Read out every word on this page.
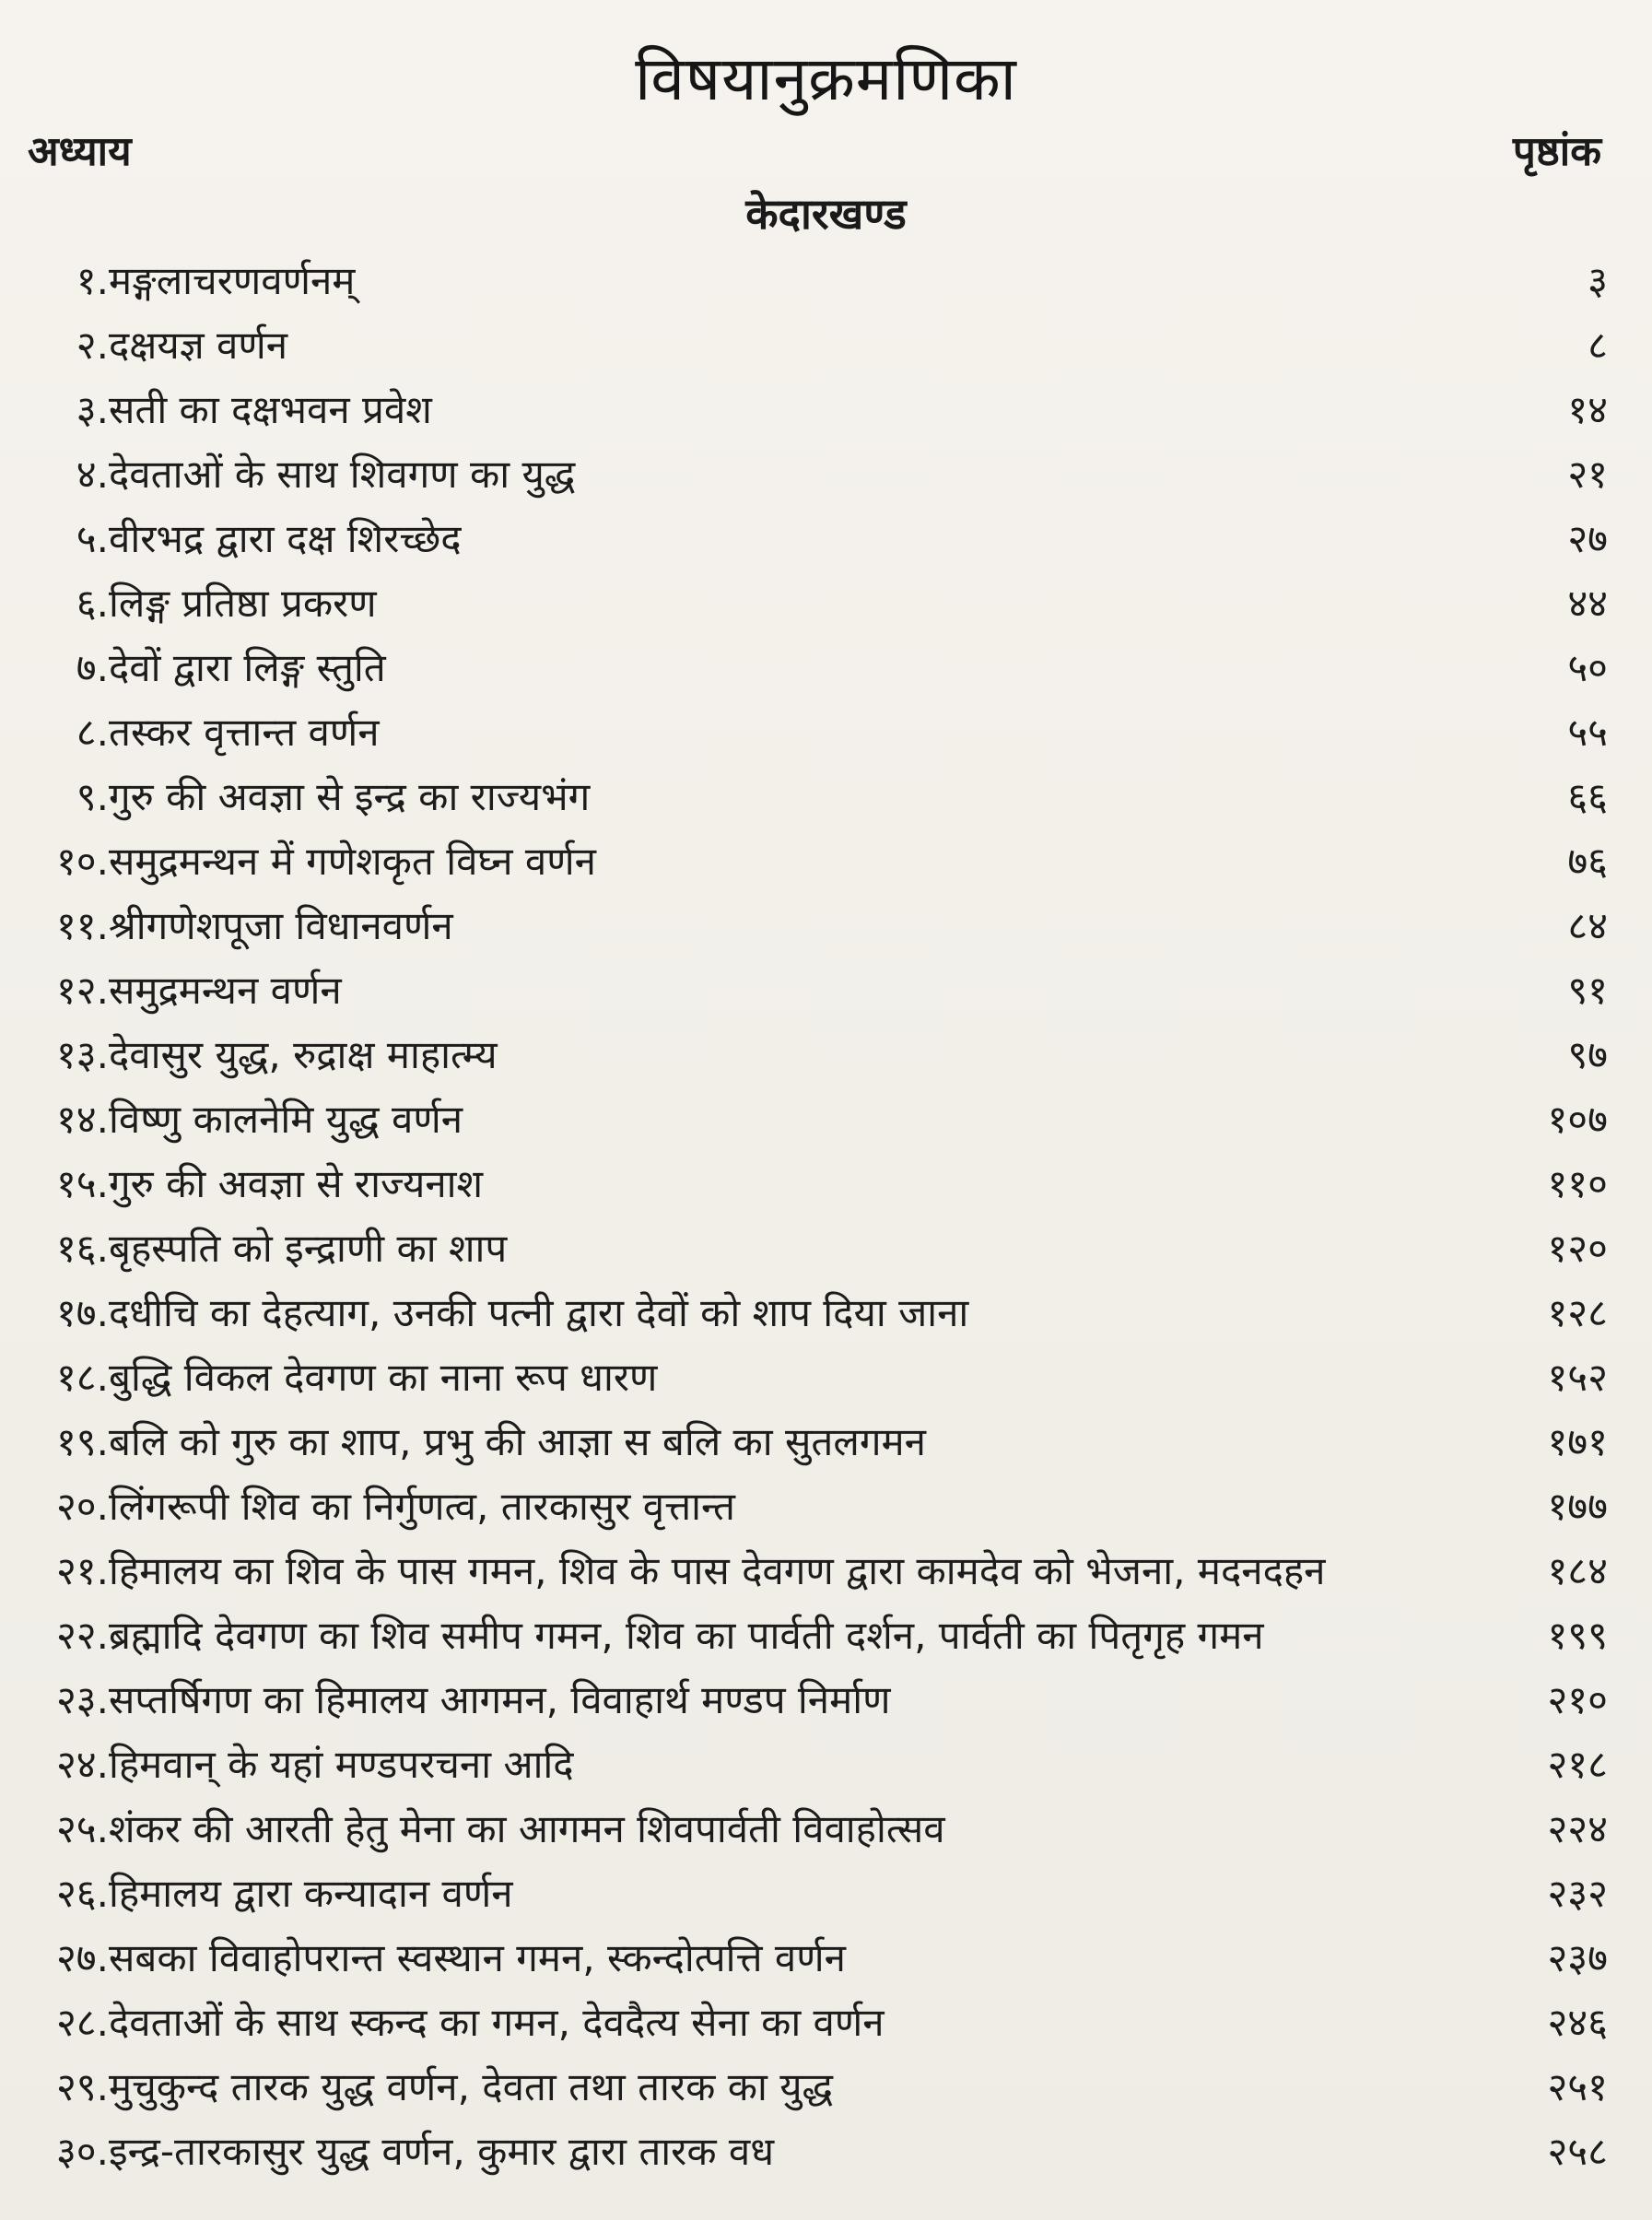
विषयानुक्रमणिका
अध्याय	पृष्ठांक
केदारखण्ड
१. मङ्गलाचरणवर्णनम्	३
२. दक्षयज्ञ वर्णन	८
३. सती का दक्षभवन प्रवेश	१४
४. देवताओं के साथ शिवगण का युद्ध	२१
५. वीरभद्र द्वारा दक्ष शिरच्छेद	२७
६. लिङ्ग प्रतिष्ठा प्रकरण	४४
७. देवों द्वारा लिङ्ग स्तुति	५०
८. तस्कर वृत्तान्त वर्णन	५५
९. गुरु की अवज्ञा से इन्द्र का राज्यभंग	६६
१०. समुद्रमन्थन में गणेशकृत विघ्न वर्णन	७६
११. श्रीगणेशपूजा विधानवर्णन	८४
१२. समुद्रमन्थन वर्णन	९१
१३. देवासुर युद्ध, रुद्राक्ष माहात्म्य	९७
१४. विष्णु कालनेमि युद्ध वर्णन	१०७
१५. गुरु की अवज्ञा से राज्यनाश	११०
१६. बृहस्पति को इन्द्राणी का शाप	१२०
१७. दधीचि का देहत्याग, उनकी पत्नी द्वारा देवों को शाप दिया जाना	१२८
१८. बुद्धि विकल देवगण का नाना रूप धारण	१५२
१९. बलि को गुरु का शाप, प्रभु की आज्ञा स बलि का सुतलगमन	१७१
२०. लिंगरूपी शिव का निर्गुणत्व, तारकासुर वृत्तान्त	१७७
२१. हिमालय का शिव के पास गमन, शिव के पास देवगण द्वारा कामदेव को भेजना, मदनदहन	१८४
२२. ब्रह्मादि देवगण का शिव समीप गमन, शिव का पार्वती दर्शन, पार्वती का पितृगृह गमन	१९९
२३. सप्तर्षिगण का हिमालय आगमन, विवाहार्थ मण्डप निर्माण	२१०
२४. हिमवान् के यहां मण्डपरचना आदि	२१८
२५. शंकर की आरती हेतु मेना का आगमन शिवपार्वती विवाहोत्सव	२२४
२६. हिमालय द्वारा कन्यादान वर्णन	२३२
२७. सबका विवाहोपरान्त स्वस्थान गमन, स्कन्दोत्पत्ति वर्णन	२३७
२८. देवताओं के साथ स्कन्द का गमन, देवदैत्य सेना का वर्णन	२४६
२९. मुचुकुन्द तारक युद्ध वर्णन, देवता तथा तारक का युद्ध	२५१
३०. इन्द्र-तारकासुर युद्ध वर्णन, कुमार द्वारा तारक वध	२५८
